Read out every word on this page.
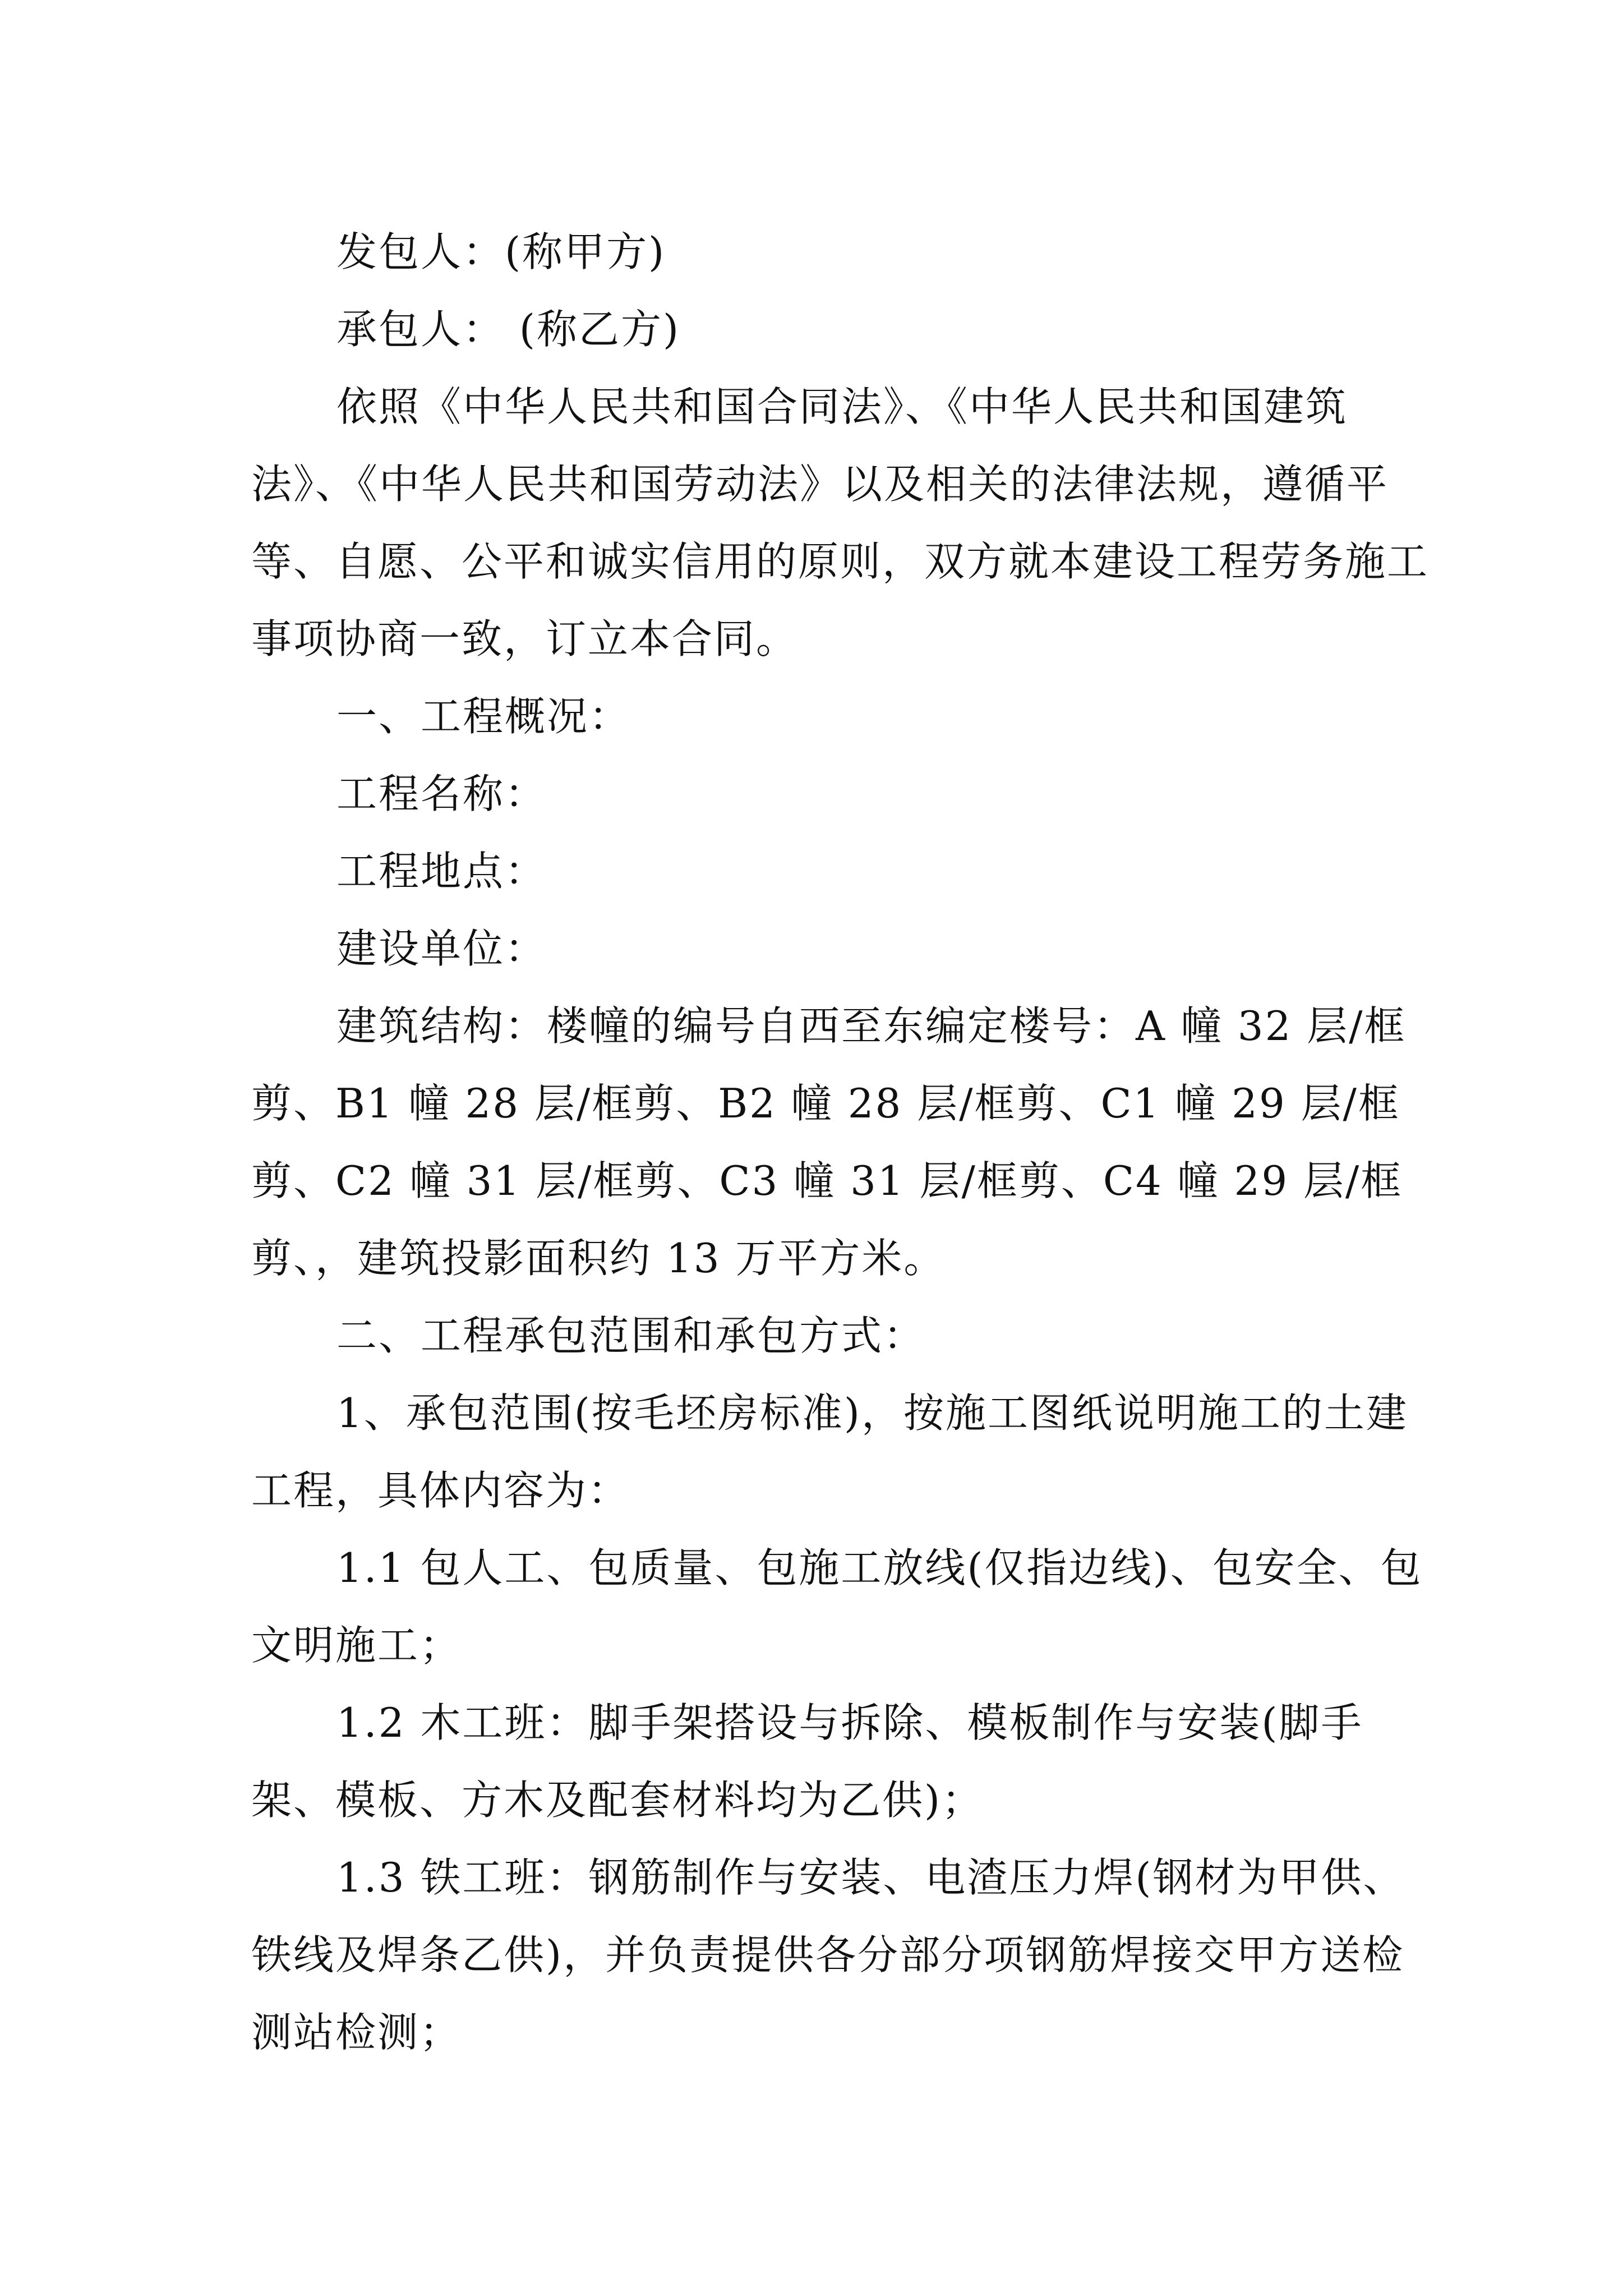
发包人：(称甲方)

承包人： (称乙方)

依照《中华人民共和国合同法》、《中华人民共和国建筑法》、《中华人民共和国劳动法》以及相关的法律法规，遵循平等、自愿、公平和诚实信用的原则，双方就本建设工程劳务施工事项协商一致，订立本合同。

一、工程概况：

工程名称：

工程地点：

建设单位：

建筑结构：楼幢的编号自西至东编定楼号：A 幢 32 层/框剪、B1 幢 28 层/框剪、B2 幢 28 层/框剪、C1 幢 29 层/框剪、C2 幢 31 层/框剪、C3 幢 31 层/框剪、C4 幢 29 层/框剪、，建筑投影面积约 13 万平方米。

二、工程承包范围和承包方式：

1、承包范围(按毛坯房标准)，按施工图纸说明施工的土建工程，具体内容为：

1.1 包人工、包质量、包施工放线(仅指边线)、包安全、包文明施工；

1.2 木工班：脚手架搭设与拆除、模板制作与安装(脚手架、模板、方木及配套材料均为乙供)；

1.3 铁工班：钢筋制作与安装、电渣压力焊(钢材为甲供、铁线及焊条乙供)，并负责提供各分部分项钢筋焊接交甲方送检测站检测；
